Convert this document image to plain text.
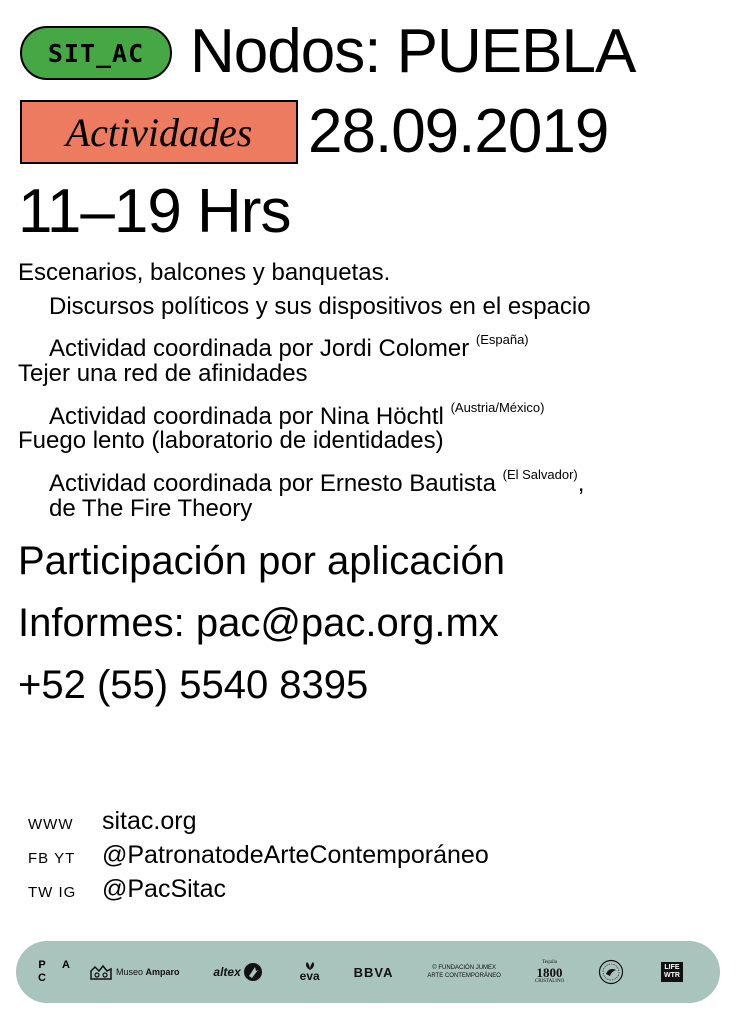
SIT_AC Nodos: PUEBLA
Actividades 28.09.2019
11–19 Hrs
Escenarios, balcones y banquetas.
Discursos políticos y sus dispositivos en el espacio
Actividad coordinada por Jordi Colomer $^{(España)}$
Tejer una red de afinidades
Actividad coordinada por Nina Höchtl $^{(Austria/México)}$
Fuego lento (laboratorio de identidades)
Actividad coordinada por Ernesto Bautista $^{(El Salvador)}$,
de The Fire Theory
Participación por aplicación
Informes: pac@pac.org.mx
+52 (55) 5540 8395
WWW sitac.org
FB YT @PatronatodeArteContemporáneo
TW IG @PacSitac
P A
C	Museo Amparo	altex	eva	BBVA	© FUNDACIÓN JUMEX
ARTE CONTEMPORÁNEO
Tequila
1800
CRISTALINO
LIFE
WTR
